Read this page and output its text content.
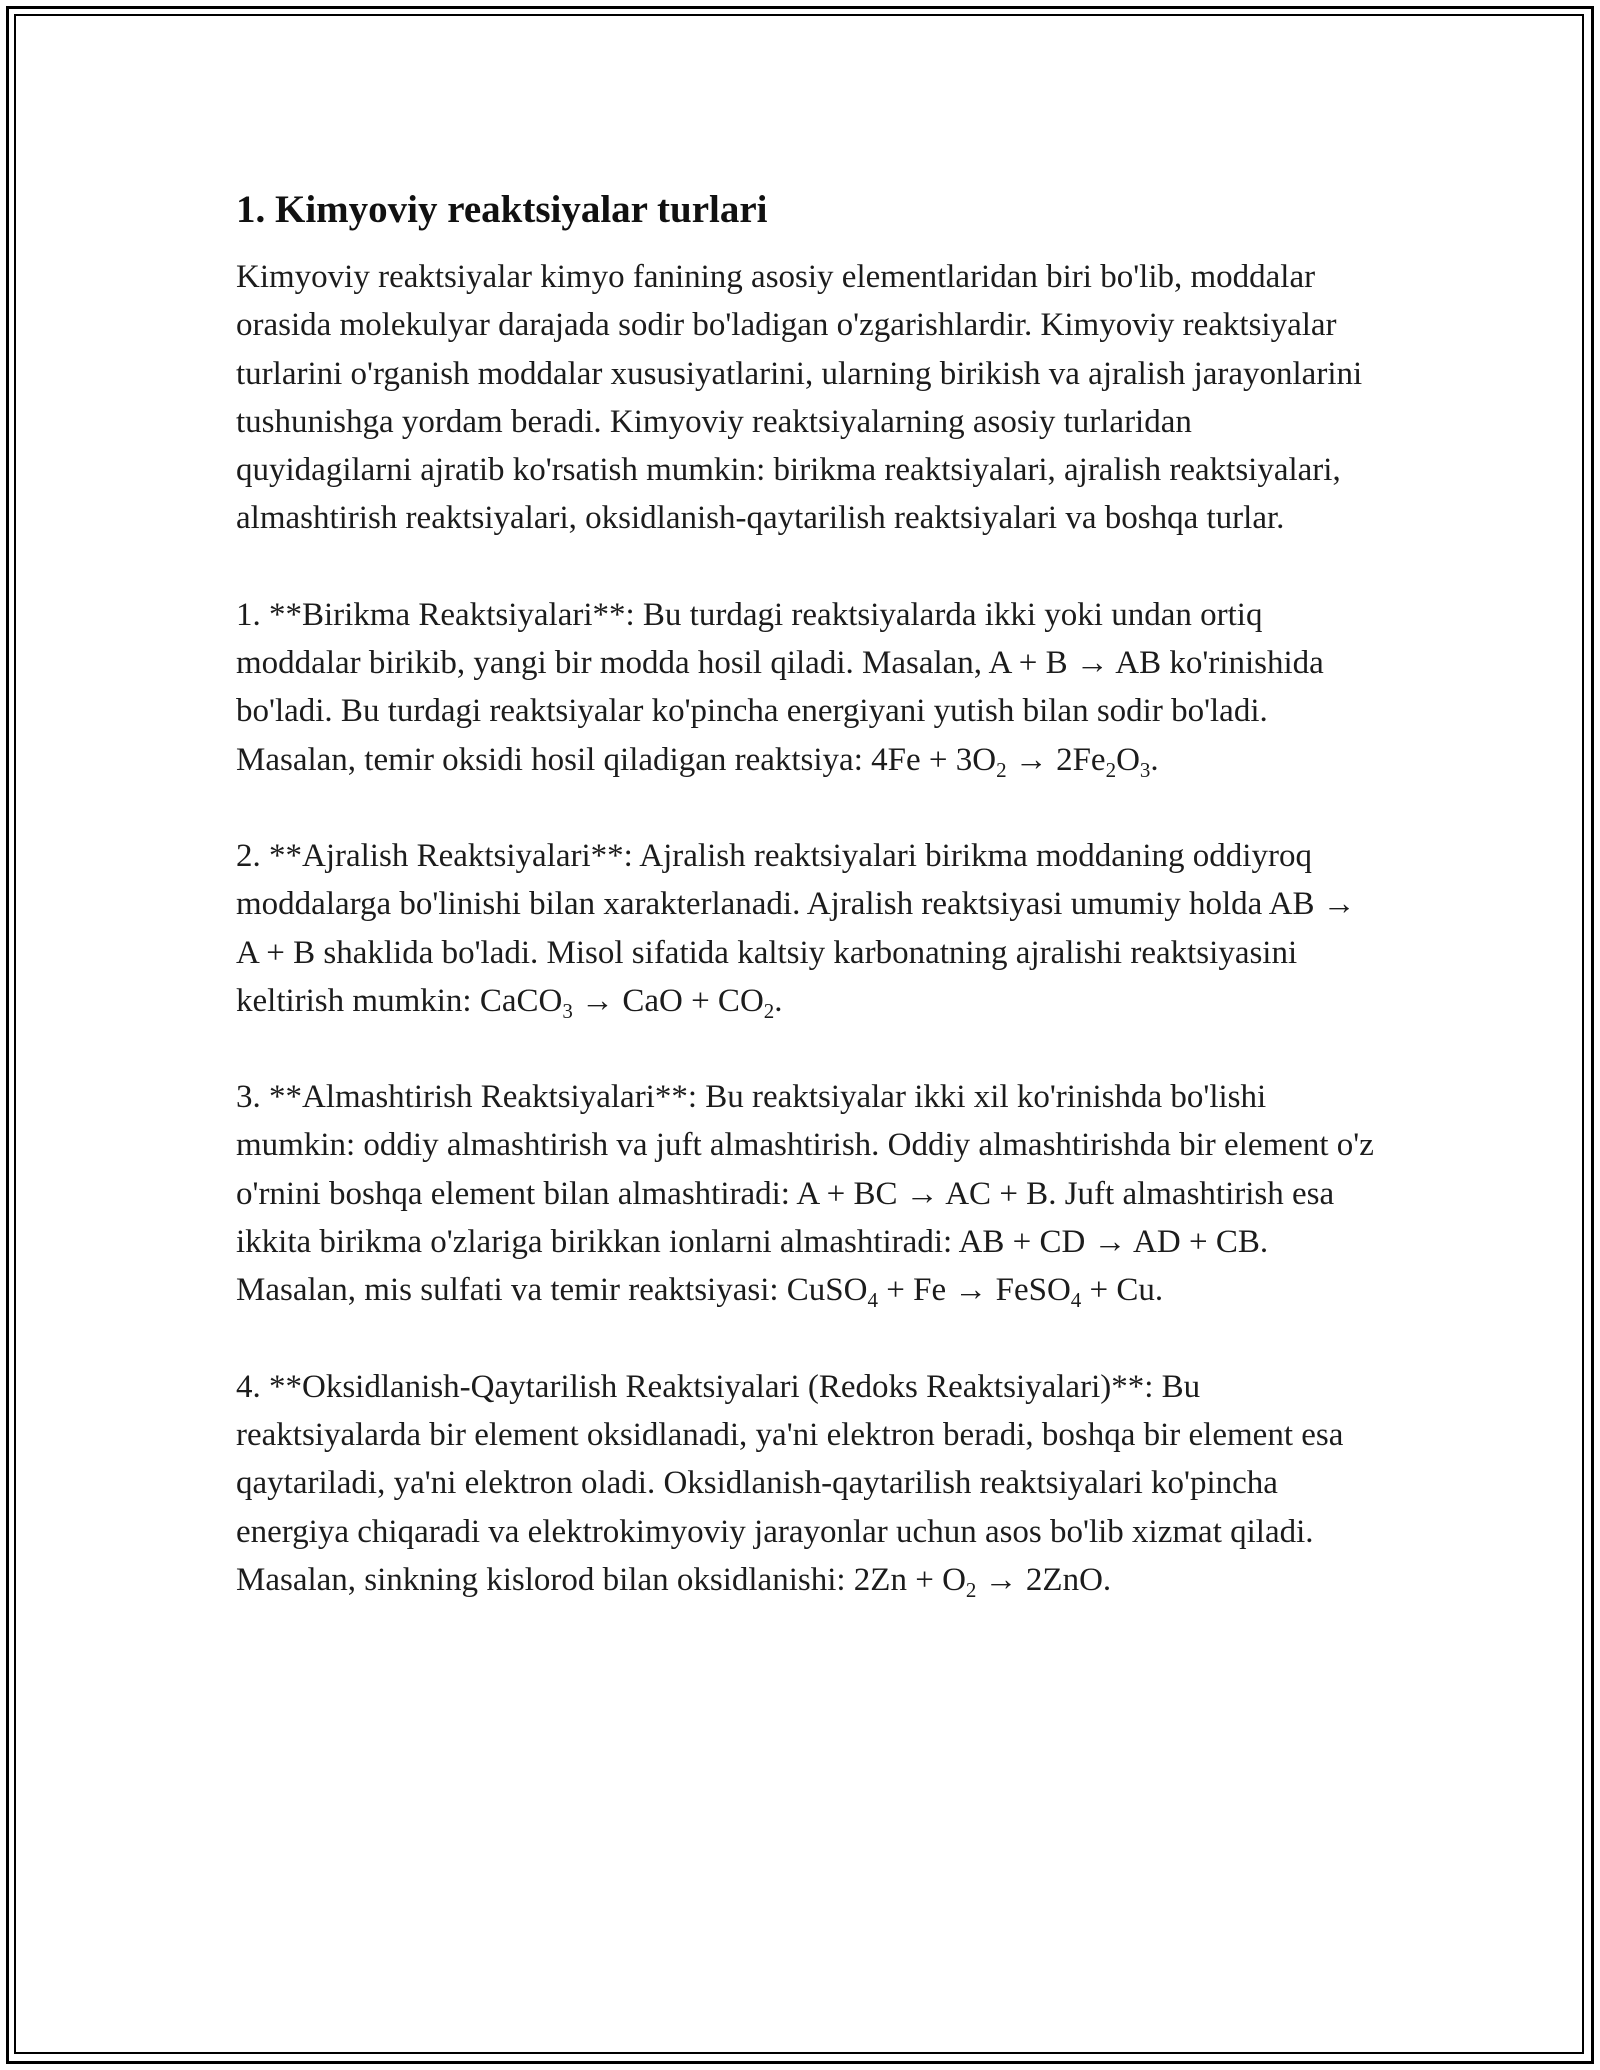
1. Kimyoviy reaktsiyalar turlari

Kimyoviy reaktsiyalar kimyo fanining asosiy elementlaridan biri bo'lib, moddalar orasida molekulyar darajada sodir bo'ladigan o'zgarishlardir. Kimyoviy reaktsiyalar turlarini o'rganish moddalar xususiyatlarini, ularning birikish va ajralish jarayonlarini tushunishga yordam beradi. Kimyoviy reaktsiyalarning asosiy turlaridan quyidagilarni ajratib ko'rsatish mumkin: birikma reaktsiyalari, ajralish reaktsiyalari, almashtirish reaktsiyalari, oksidlanish-qaytarilish reaktsiyalari va boshqa turlar.

1. **Birikma Reaktsiyalari**: Bu turdagi reaktsiyalarda ikki yoki undan ortiq moddalar birikib, yangi bir modda hosil qiladi. Masalan, A + B → AB ko'rinishida bo'ladi. Bu turdagi reaktsiyalar ko'pincha energiyani yutish bilan sodir bo'ladi. Masalan, temir oksidi hosil qiladigan reaktsiya: $4Fe + 3O_2 \to 2Fe_2O_3$.

2. **Ajralish Reaktsiyalari**: Ajralish reaktsiyalari birikma moddaning oddiyroq moddalarga bo'linishi bilan xarakterlanadi. Ajralish reaktsiyasi umumiy holda AB → A + B shaklida bo'ladi. Misol sifatida kaltsiy karbonatning ajralishi reaktsiyasini keltirish mumkin: CaCO$_3$ → CaO + $CO_2$.

3. **Almashtirish Reaktsiyalari**: Bu reaktsiyalar ikki xil ko'rinishda bo'lishi mumkin: oddiy almashtirish va juft almashtirish. Oddiy almashtirishda bir element o'z o'rnini boshqa element bilan almashtiradi: A + BC → AC + B. Juft almashtirish esa ikkita birikma o'zlariga birikkan ionlarni almashtiradi: AB + CD → AD + CB. Masalan, mis sulfati va temir reaktsiyasi: CuSO$_4$ + Fe → FeSO$_4$ + Cu.

4. **Oksidlanish-Qaytarilish Reaktsiyalari (Redoks Reaktsiyalari)**: Bu reaktsiyalarda bir element oksidlanadi, ya'ni elektron beradi, boshqa bir element esa qaytariladi, ya'ni elektron oladi. Oksidlanish-qaytarilish reaktsiyalari ko'pincha energiya chiqaradi va elektrokimyoviy jarayonlar uchun asos bo'lib xizmat qiladi. Masalan, sinkning kislorod bilan oksidlanishi: $2Zn + O_2 \to 2ZnO$.
